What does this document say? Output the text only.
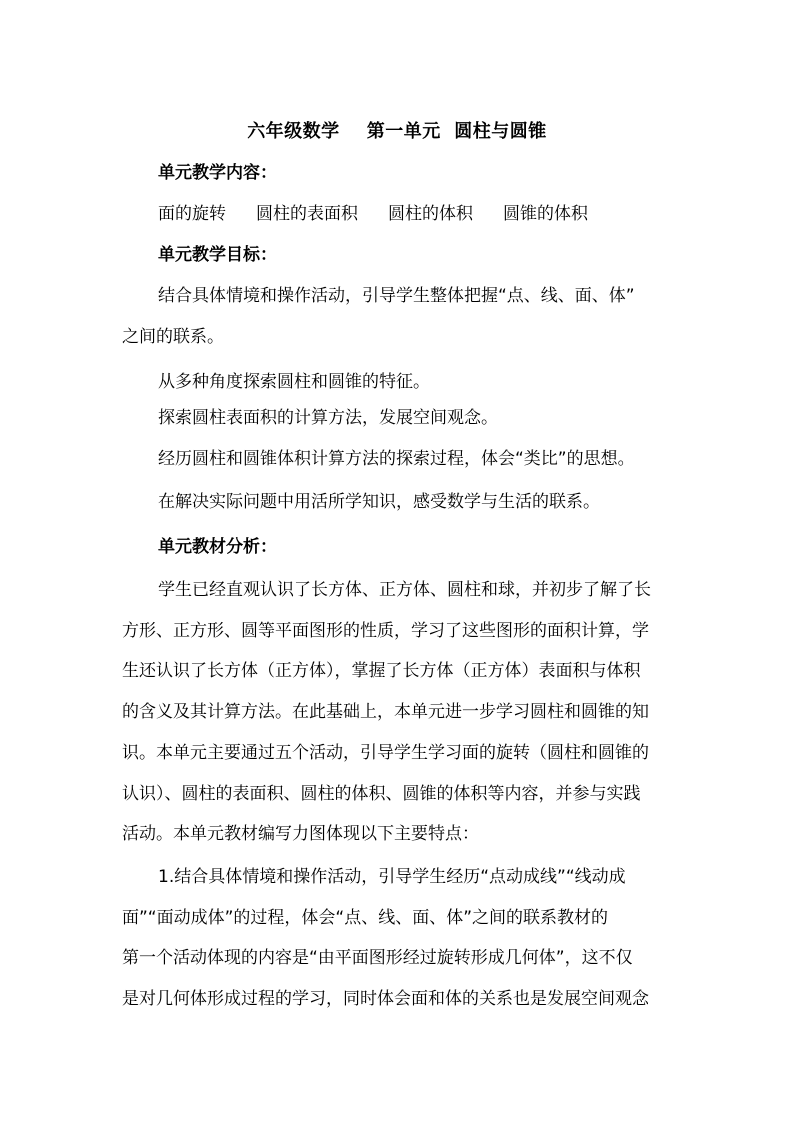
六年级数学    第一单元  圆柱与圆锥
单元教学内容：
面的旋转 圆柱的表面积 圆柱的体积 圆锥的体积
单元教学目标：
结合具体情境和操作活动，引导学生整体把握“点、线、面、体”
之间的联系。
从多种角度探索圆柱和圆锥的特征。
探索圆柱表面积的计算方法，发展空间观念。
经历圆柱和圆锥体积计算方法的探索过程，体会“类比”的思想。
在解决实际问题中用活所学知识，感受数学与生活的联系。
单元教材分析：
学生已经直观认识了长方体、正方体、圆柱和球，并初步了解了长
方形、正方形、圆等平面图形的性质，学习了这些图形的面积计算，学
生还认识了长方体（正方体），掌握了长方体（正方体）表面积与体积
的含义及其计算方法。在此基础上，本单元进一步学习圆柱和圆锥的知
识。本单元主要通过五个活动，引导学生学习面的旋转（圆柱和圆锥的
认识）、圆柱的表面积、圆柱的体积、圆锥的体积等内容，并参与实践
活动。本单元教材编写力图体现以下主要特点：
1.结合具体情境和操作活动，引导学生经历“点动成线”“线动成
面”“面动成体”的过程，体会“点、线、面、体”之间的联系教材的
第一个活动体现的内容是“由平面图形经过旋转形成几何体”，这不仅
是对几何体形成过程的学习，同时体会面和体的关系也是发展空间观念
